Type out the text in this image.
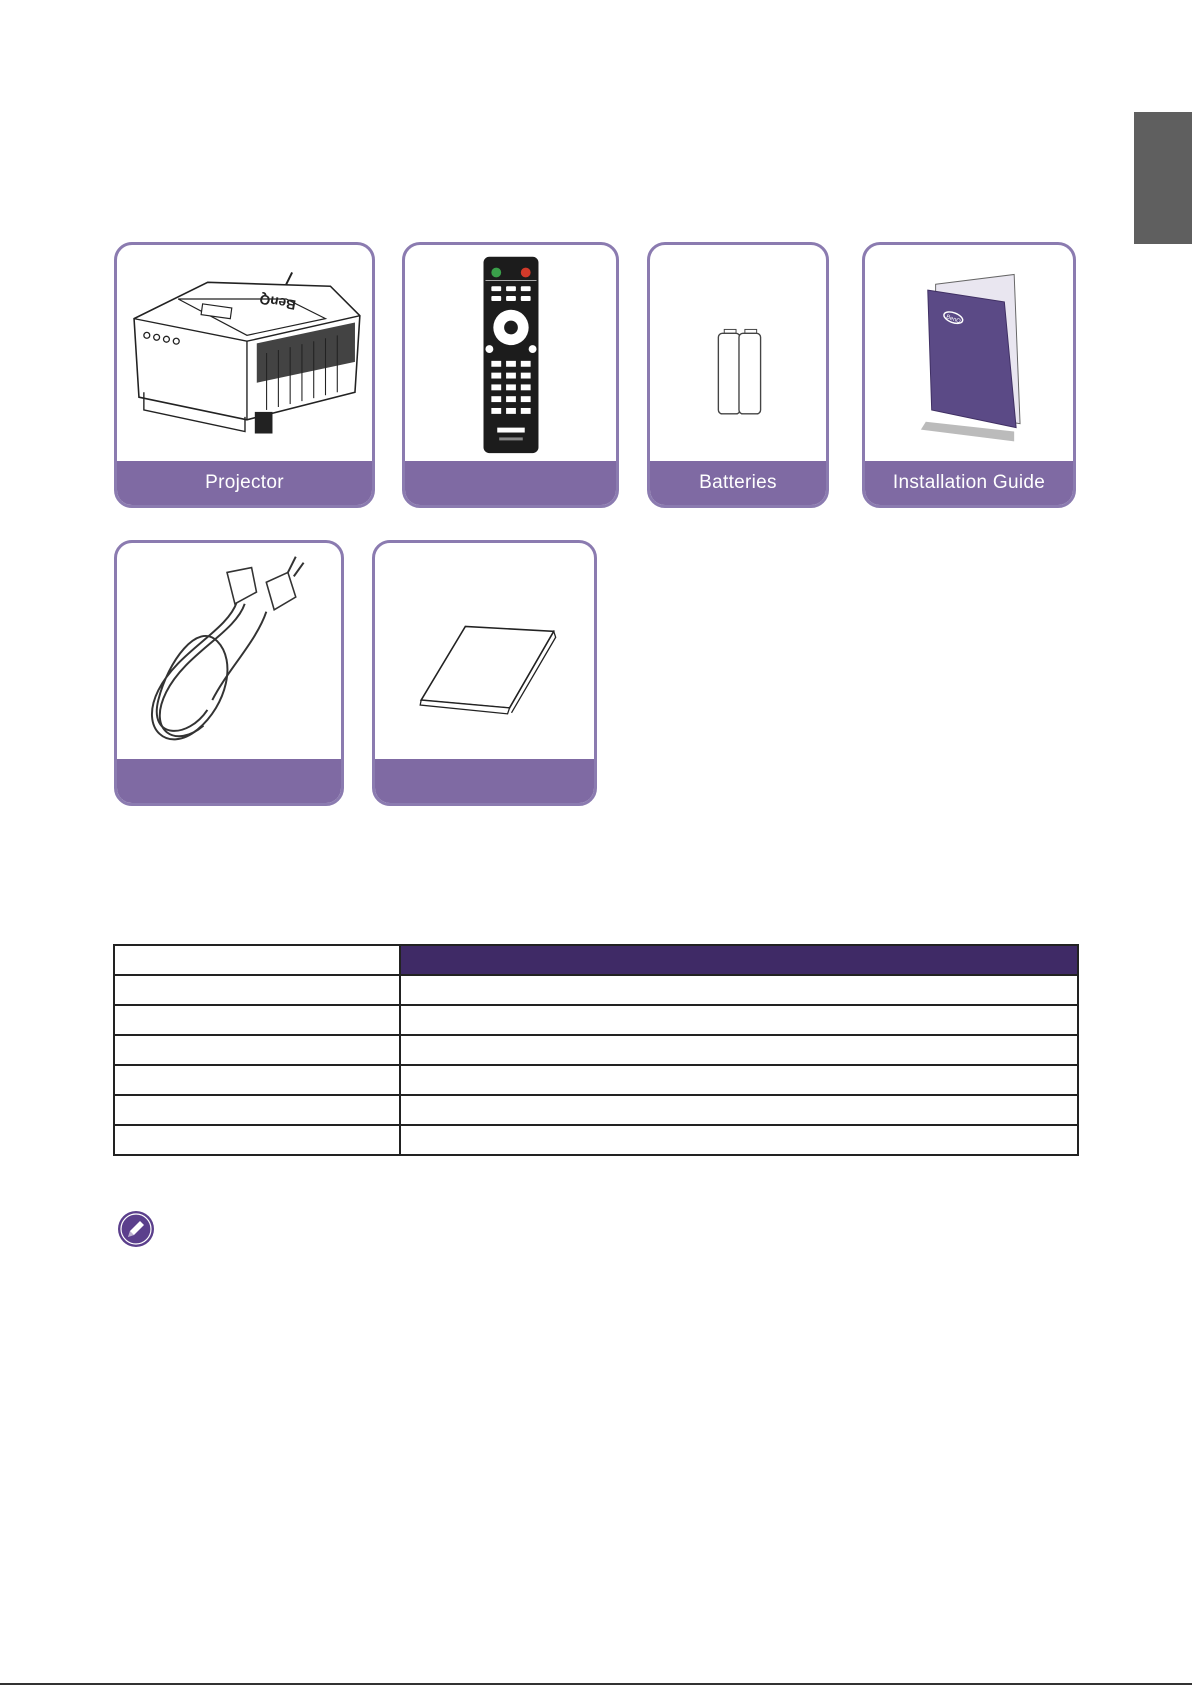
BenQ
Projector	Batteries
BenQ
Installation Guide
